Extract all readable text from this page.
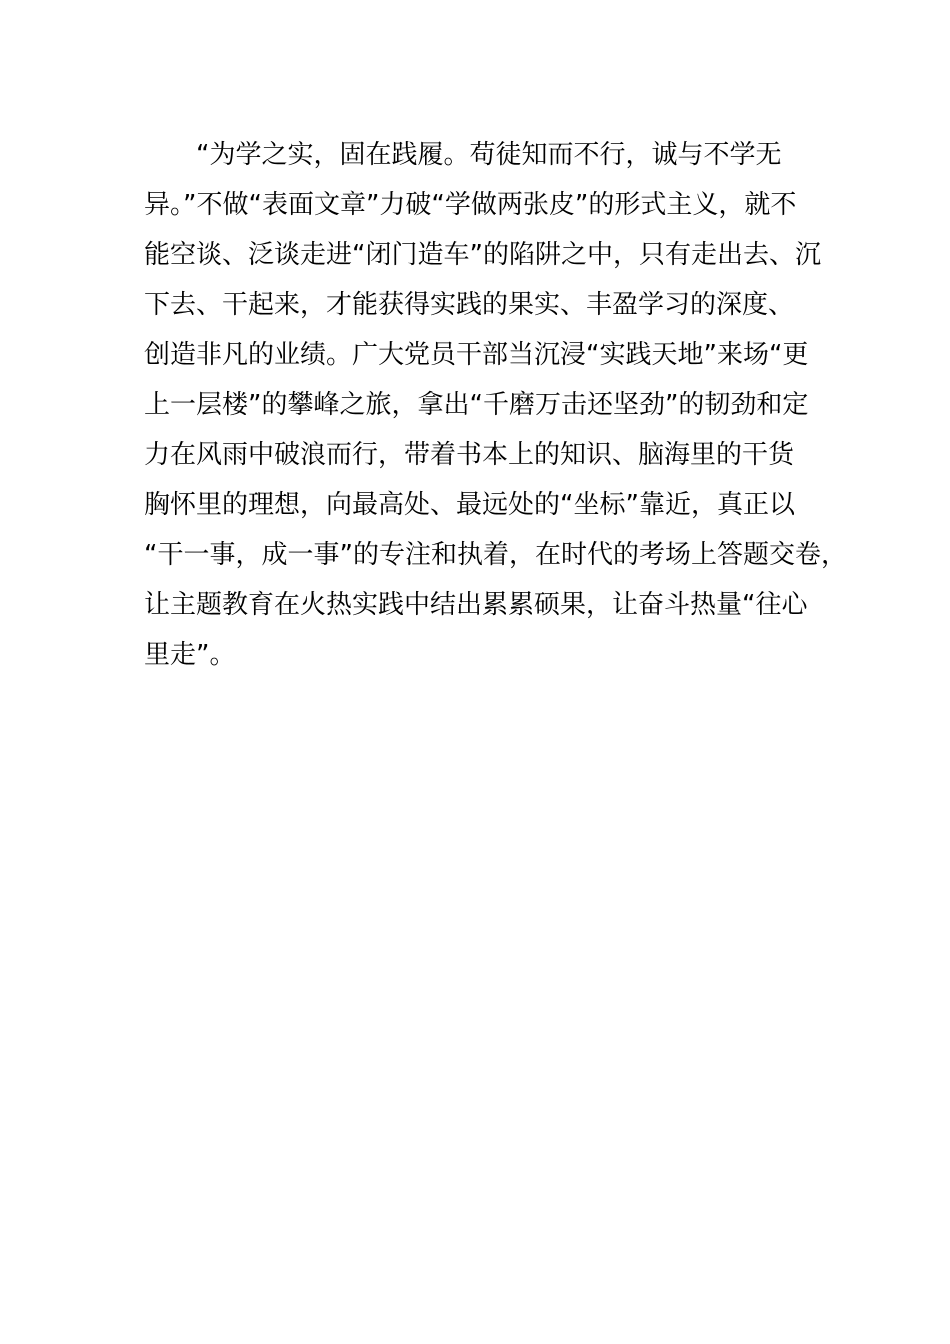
“为学之实，固在践履。苟徒知而不行，诚与不学无
异。”不做“表面文章”力破“学做两张皮”的形式主义，就不
能空谈、泛谈走进“闭门造车”的陷阱之中，只有走出去、沉
下去、干起来，才能获得实践的果实、丰盈学习的深度、
创造非凡的业绩。广大党员干部当沉浸“实践天地”来场“更
上一层楼”的攀峰之旅，拿出“千磨万击还坚劲”的韧劲和定
力在风雨中破浪而行，带着书本上的知识、脑海里的干货
胸怀里的理想，向最高处、最远处的“坐标”靠近，真正以
“干一事，成一事”的专注和执着，在时代的考场上答题交卷，
让主题教育在火热实践中结出累累硕果，让奋斗热量“往心
里走”。
